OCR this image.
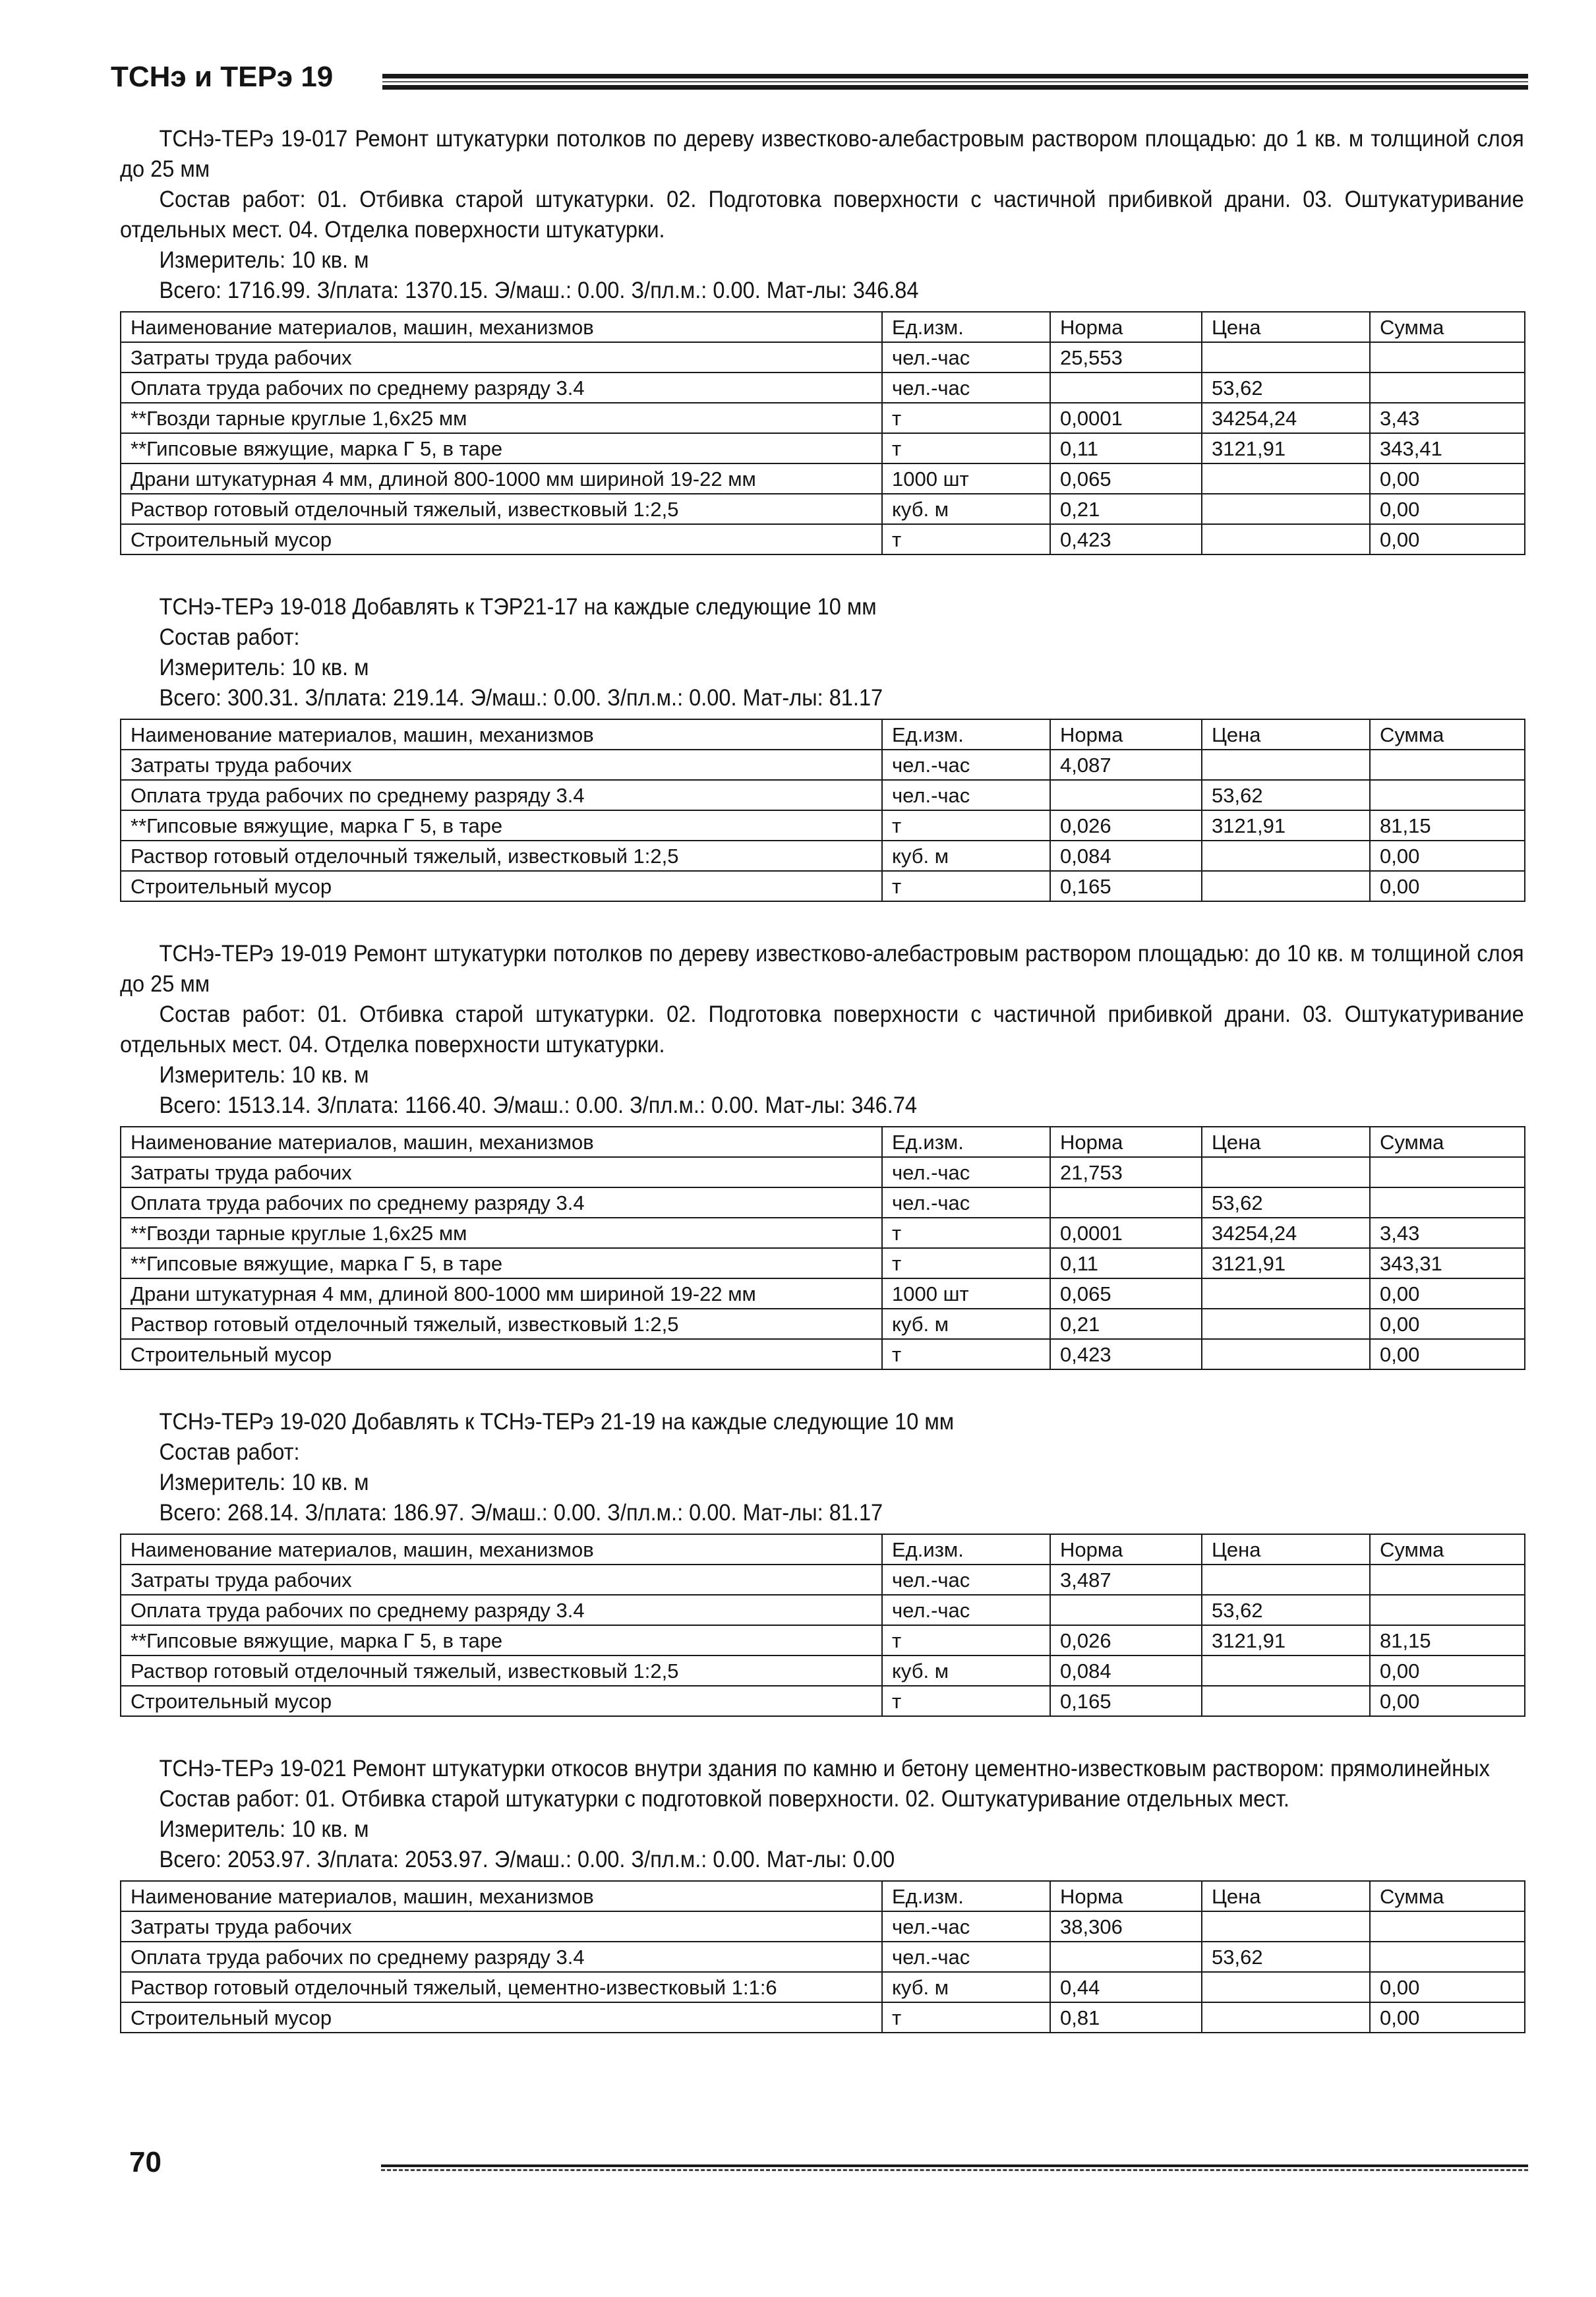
ТСНэ и ТЕРэ 19

ТСНэ-ТЕРэ 19-017 Ремонт штукатурки потолков по дереву известково-алебастровым раствором площадью: до 1 кв. м толщиной слоя до 25 мм

Состав работ: 01. Отбивка старой штукатурки. 02. Подготовка поверхности с частичной прибивкой драни. 03. Оштукатуривание отдельных мест. 04. Отделка поверхности штукатурки.

Измеритель: 10 кв. м

Всего: 1716.99. З/плата: 1370.15. Э/маш.: 0.00. З/пл.м.: 0.00. Мат-лы: 346.84

Наименование материалов, машин, механизмов	Ед.изм.	Норма	Цена	Сумма
Затраты труда рабочих	чел.-час	25,553		
Оплата труда рабочих по среднему разряду 3.4	чел.-час		53,62	
**Гвозди тарные круглые 1,6x25 мм	т	0,0001	34254,24	3,43
**Гипсовые вяжущие, марка Г 5, в таре	т	0,11	3121,91	343,41
Драни штукатурная 4 мм, длиной 800-1000 мм шириной 19-22 мм	1000 шт	0,065		0,00
Раствор готовый отделочный тяжелый, известковый 1:2,5	куб. м	0,21		0,00
Строительный мусор	т	0,423		0,00

ТСНэ-ТЕРэ 19-018 Добавлять к ТЭР21-17 на каждые следующие 10 мм

Состав работ:

Измеритель: 10 кв. м

Всего: 300.31. З/плата: 219.14. Э/маш.: 0.00. З/пл.м.: 0.00. Мат-лы: 81.17

Наименование материалов, машин, механизмов	Ед.изм.	Норма	Цена	Сумма
Затраты труда рабочих	чел.-час	4,087		
Оплата труда рабочих по среднему разряду 3.4	чел.-час		53,62	
**Гипсовые вяжущие, марка Г 5, в таре	т	0,026	3121,91	81,15
Раствор готовый отделочный тяжелый, известковый 1:2,5	куб. м	0,084		0,00
Строительный мусор	т	0,165		0,00

ТСНэ-ТЕРэ 19-019 Ремонт штукатурки потолков по дереву известково-алебастровым раствором площадью: до 10 кв. м толщиной слоя до 25 мм

Состав работ: 01. Отбивка старой штукатурки. 02. Подготовка поверхности с частичной прибивкой драни. 03. Оштукатуривание отдельных мест. 04. Отделка поверхности штукатурки.

Измеритель: 10 кв. м

Всего: 1513.14. З/плата: 1166.40. Э/маш.: 0.00. З/пл.м.: 0.00. Мат-лы: 346.74

Наименование материалов, машин, механизмов	Ед.изм.	Норма	Цена	Сумма
Затраты труда рабочих	чел.-час	21,753		
Оплата труда рабочих по среднему разряду 3.4	чел.-час		53,62	
**Гвозди тарные круглые 1,6x25 мм	т	0,0001	34254,24	3,43
**Гипсовые вяжущие, марка Г 5, в таре	т	0,11	3121,91	343,31
Драни штукатурная 4 мм, длиной 800-1000 мм шириной 19-22 мм	1000 шт	0,065		0,00
Раствор готовый отделочный тяжелый, известковый 1:2,5	куб. м	0,21		0,00
Строительный мусор	т	0,423		0,00

ТСНэ-ТЕРэ 19-020 Добавлять к ТСНэ-ТЕРэ 21-19 на каждые следующие 10 мм

Состав работ:

Измеритель: 10 кв. м

Всего: 268.14. З/плата: 186.97. Э/маш.: 0.00. З/пл.м.: 0.00. Мат-лы: 81.17

Наименование материалов, машин, механизмов	Ед.изм.	Норма	Цена	Сумма
Затраты труда рабочих	чел.-час	3,487		
Оплата труда рабочих по среднему разряду 3.4	чел.-час		53,62	
**Гипсовые вяжущие, марка Г 5, в таре	т	0,026	3121,91	81,15
Раствор готовый отделочный тяжелый, известковый 1:2,5	куб. м	0,084		0,00
Строительный мусор	т	0,165		0,00

ТСНэ-ТЕРэ 19-021 Ремонт штукатурки откосов внутри здания по камню и бетону цементно-известковым раствором: прямолинейных

Состав работ: 01. Отбивка старой штукатурки с подготовкой поверхности. 02. Оштукатуривание отдельных мест.

Измеритель: 10 кв. м

Всего: 2053.97. З/плата: 2053.97. Э/маш.: 0.00. З/пл.м.: 0.00. Мат-лы: 0.00

Наименование материалов, машин, механизмов	Ед.изм.	Норма	Цена	Сумма
Затраты труда рабочих	чел.-час	38,306		
Оплата труда рабочих по среднему разряду 3.4	чел.-час		53,62	
Раствор готовый отделочный тяжелый, цементно-известковый 1:1:6	куб. м	0,44		0,00
Строительный мусор	т	0,81		0,00
70
